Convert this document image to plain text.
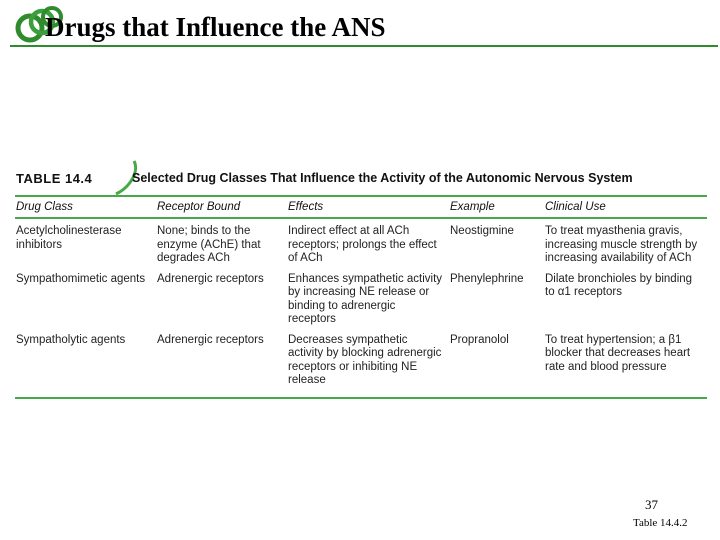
Drugs that Influence the ANS
TABLE 14.4	Selected Drug Classes That Influence the Activity of the Autonomic Nervous System
Drug Class	Receptor Bound	Effects	Example	Clinical Use

Acetylcholinesterase inhibitors	None; binds to the enzyme (AChE) that degrades ACh	Indirect effect at all ACh receptors; prolongs the effect of ACh	Neostigmine	To treat myasthenia gravis, increasing muscle strength by increasing availability of ACh
Sympathomimetic agents	Adrenergic receptors	Enhances sympathetic activity by increasing NE release or binding to adrenergic receptors	Phenylephrine	Dilate bronchioles by binding to α1 receptors
Sympatholytic agents	Adrenergic receptors	Decreases sympathetic activity by blocking adrenergic receptors or inhibiting NE release	Propranolol	To treat hypertension; a β1 blocker that decreases heart rate and blood pressure
37
Table 14.4.2
